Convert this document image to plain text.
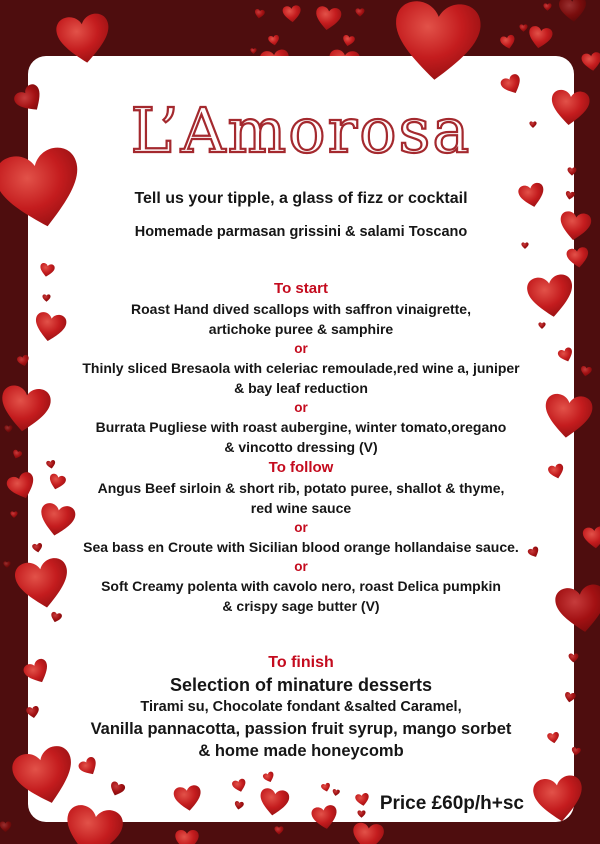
L’Amorosa
Tell us your tipple, a glass of fizz or cocktail
Homemade parmasan grissini & salami Toscano
To start
Roast Hand dived scallops with saffron vinaigrette,
artichoke puree & samphire
or
Thinly sliced Bresaola with celeriac remoulade,red wine a, juniper
& bay leaf reduction
or
Burrata Pugliese with roast aubergine, winter tomato,oregano
& vincotto dressing (V)
To follow
Angus Beef sirloin & short rib, potato puree, shallot & thyme,
red wine sauce
or
Sea bass en Croute with Sicilian blood orange hollandaise sauce.
or
Soft Creamy polenta with cavolo nero, roast Delica pumpkin
& crispy sage butter (V)
To finish
Selection of minature desserts
Tirami su, Chocolate fondant &salted Caramel,
Vanilla pannacotta, passion fruit syrup, mango sorbet
& home made honeycomb
Price £60p/h+sc
